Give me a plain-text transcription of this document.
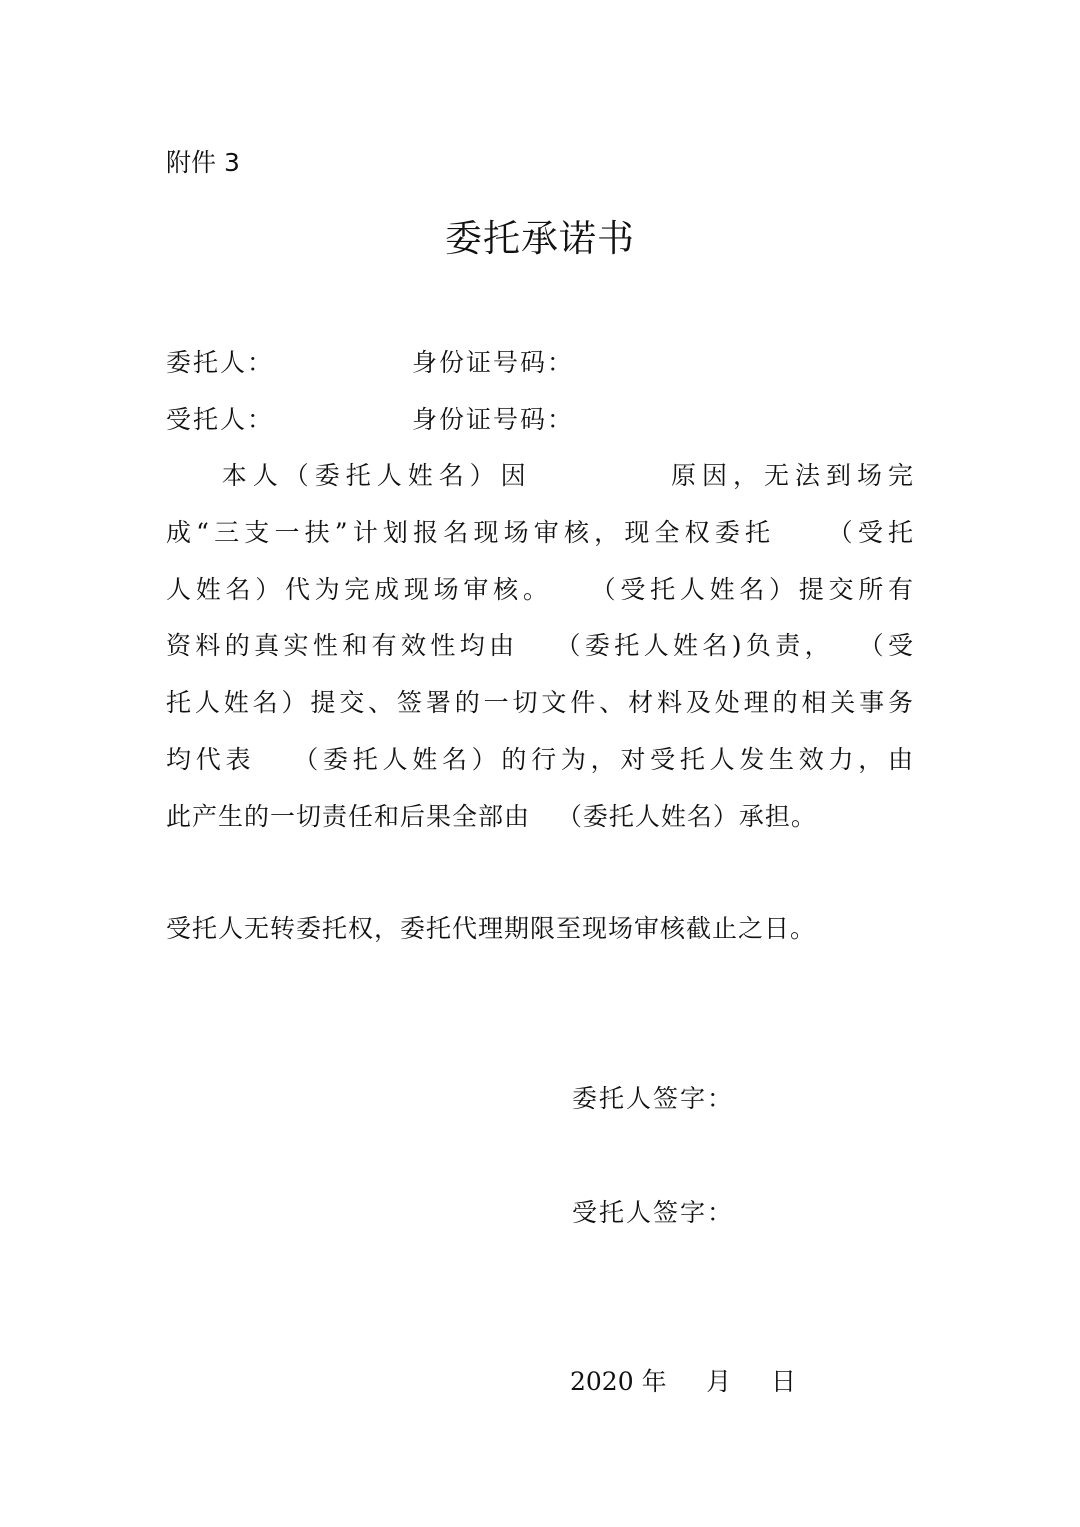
附件 3
委托承诺书
委托人：	身份证号码：
受托人：	身份证号码：
本人（委托人姓名）因          原因，无法到场完
成“三支一扶”计划报名现场审核，现全权委托    （受托
人姓名）代为完成现场审核。   （受托人姓名）提交所有
资料的真实性和有效性均由   （委托人姓名)负责，  （受
托人姓名）提交、签署的一切文件、材料及处理的相关事务
均代表   （委托人姓名）的行为，对受托人发生效力，由
此产生的一切责任和后果全部由   （委托人姓名）承担。
受托人无转委托权，委托代理期限至现场审核截止之日。
委托人签字：
受托人签字：
2020 年     月     日
